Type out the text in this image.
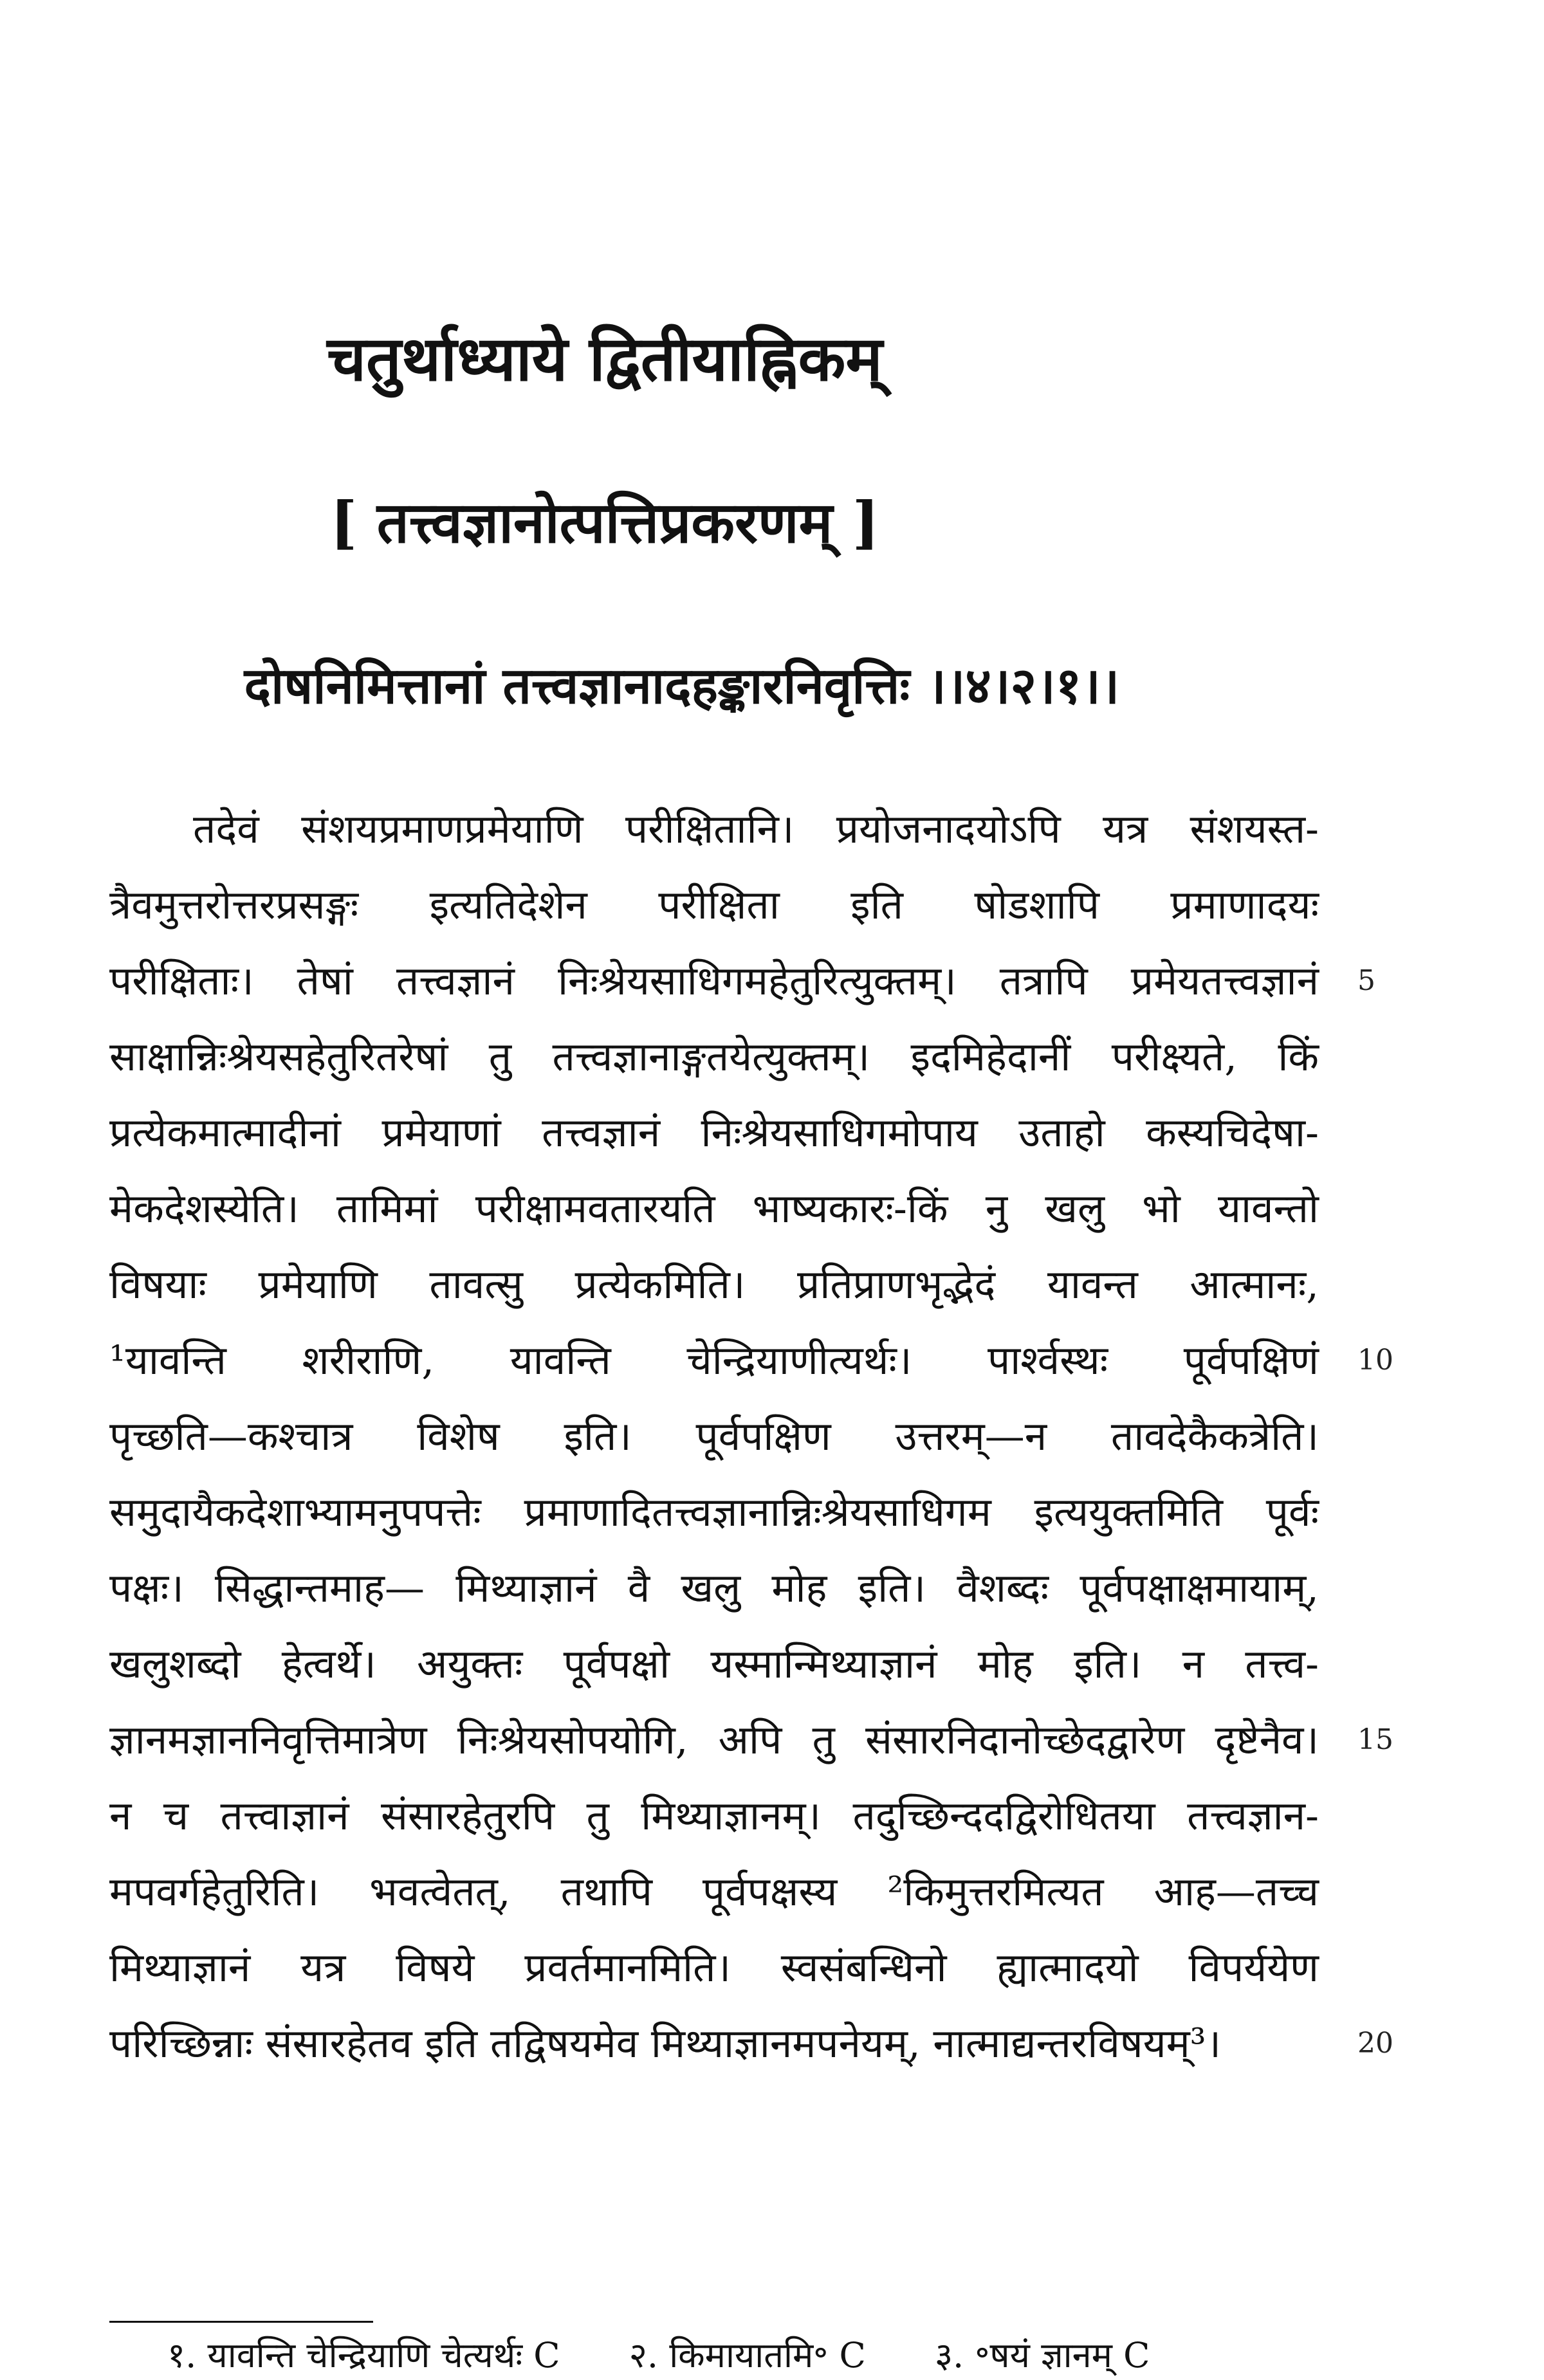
चतुर्थाध्याये द्वितीयाह्निकम्
[ तत्त्वज्ञानोत्पत्तिप्रकरणम् ]
दोषनिमित्तानां तत्त्वज्ञानादहङ्कारनिवृत्तिः ।।४।२।१।।
तदेवं संशयप्रमाणप्रमेयाणि परीक्षितानि। प्रयोजनादयोऽपि यत्र संशयस्त-
त्रैवमुत्तरोत्तरप्रसङ्गः इत्यतिदेशेन परीक्षिता इति षोडशापि प्रमाणादयः
परीक्षिताः। तेषां तत्त्वज्ञानं निःश्रेयसाधिगमहेतुरित्युक्तम्। तत्रापि प्रमेयतत्त्वज्ञानं
साक्षान्निःश्रेयसहेतुरितरेषां तु तत्त्वज्ञानाङ्गतयेत्युक्तम्। इदमिहेदानीं परीक्ष्यते, किं
प्रत्येकमात्मादीनां प्रमेयाणां तत्त्वज्ञानं निःश्रेयसाधिगमोपाय उताहो कस्यचिदेषा-
मेकदेशस्येति। तामिमां परीक्षामवतारयति भाष्यकारः-किं नु खलु भो यावन्तो
विषयाः प्रमेयाणि तावत्सु प्रत्येकमिति। प्रतिप्राणभृद्भेदं यावन्त आत्मानः,
¹यावन्ति शरीराणि, यावन्ति चेन्द्रियाणीत्यर्थः। पार्श्वस्थः पूर्वपक्षिणं
पृच्छति—कश्चात्र विशेष इति। पूर्वपक्षिण उत्तरम्—न तावदेकैकत्रेति।
समुदायैकदेशाभ्यामनुपपत्तेः प्रमाणादितत्त्वज्ञानान्निःश्रेयसाधिगम इत्ययुक्तमिति पूर्वः
पक्षः। सिद्धान्तमाह— मिथ्याज्ञानं वै खलु मोह इति। वैशब्दः पूर्वपक्षाक्षमायाम्,
खलुशब्दो हेत्वर्थे। अयुक्तः पूर्वपक्षो यस्मान्मिथ्याज्ञानं मोह इति। न तत्त्व-
ज्ञानमज्ञाननिवृत्तिमात्रेण निःश्रेयसोपयोगि, अपि तु संसारनिदानोच्छेदद्वारेण दृष्टेनैव।
न च तत्त्वाज्ञानं संसारहेतुरपि तु मिथ्याज्ञानम्। तदुच्छिन्ददद्विरोधितया तत्त्वज्ञान-
मपवर्गहेतुरिति। भवत्वेतत्, तथापि पूर्वपक्षस्य ²किमुत्तरमित्यत आह—तच्च
मिथ्याज्ञानं यत्र विषये प्रवर्तमानमिति। स्वसंबन्धिनो ह्यात्मादयो विपर्ययेण
परिच्छिन्नाः संसारहेतव इति तद्विषयमेव मिथ्याज्ञानमपनेयम्, नात्माद्यन्तरविषयम्³।
5
10
15
20
१. यावन्ति चेन्द्रियाणि चेत्यर्थः C २. किमायातमि॰ C ३. ॰षयं ज्ञानम् C
